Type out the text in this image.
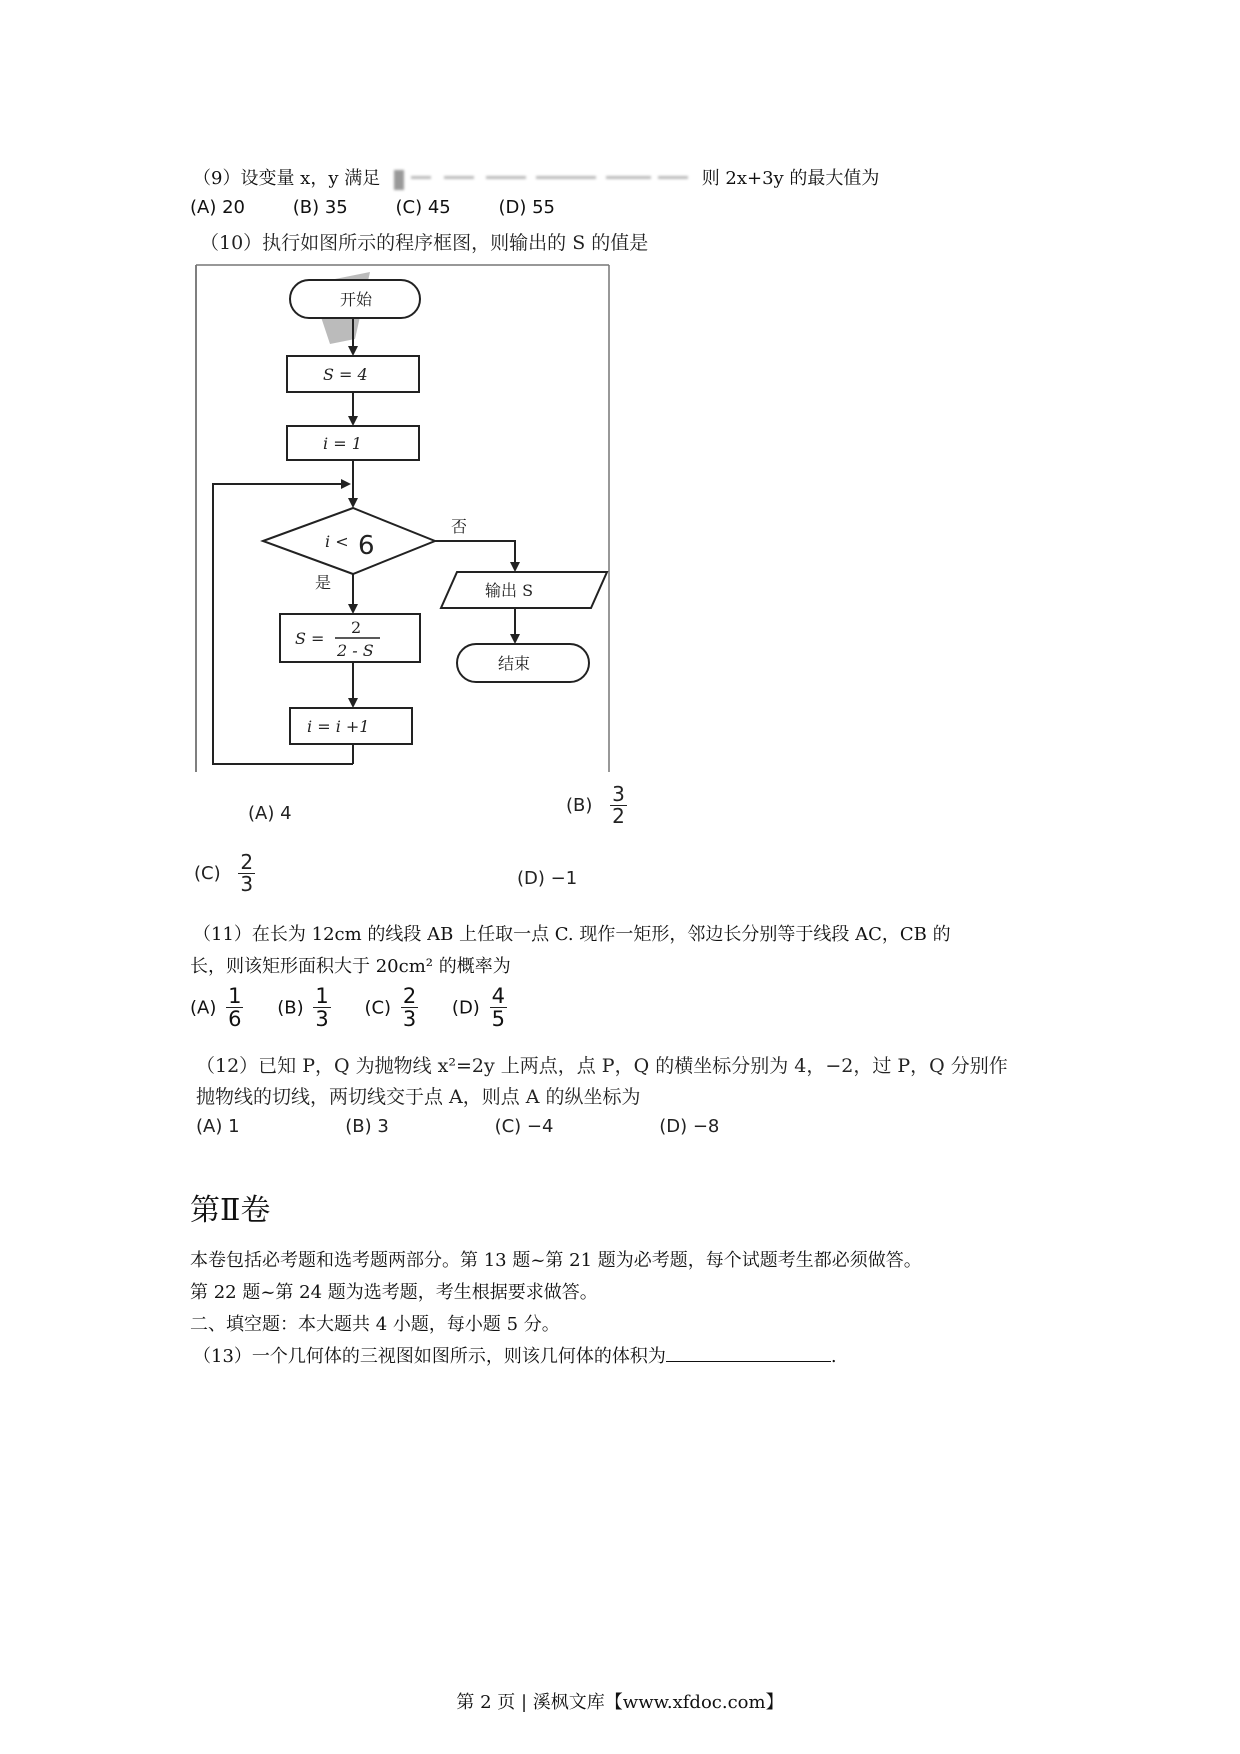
（9）设变量 x，y 满足	则 2x+3y 的最大值为
(A) 20	(B) 35	(C) 45	(D) 55
（10）执行如图所示的程序框图，则输出的 S 的值是
开始
S = 4
i = 1
i < 6
否
输出 S
结束
是
S =
2
2 - S
i = i +1
(A) 4	$(B) \frac{3}{2}$
$(C) \frac{2}{3}$	(D) −1
（11）在长为 12cm 的线段 AB 上任取一点 C. 现作一矩形，邻边长分别等于线段 AC，CB 的
长，则该矩形面积大于 20cm² 的概率为
$(A) \frac{1}{6} (B) \frac{1}{3} (C) \frac{2}{3} (D) \frac{4}{5}$
（12）已知 P，Q 为抛物线 x²=2y 上两点，点 P，Q 的横坐标分别为 4，−2，过 P，Q 分别作
抛物线的切线，两切线交于点 A，则点 A 的纵坐标为
(A) 1	(B) 3	(C) −4	(D) −8
第Ⅱ卷
本卷包括必考题和选考题两部分。第 13 题~第 21 题为必考题，每个试题考生都必须做答。
第 22 题~第 24 题为选考题，考生根据要求做答。
二、填空题：本大题共 4 小题，每小题 5 分。
（13）一个几何体的三视图如图所示，则该几何体的体积为	.
第 2 页 | 溪枫文库【www.xfdoc.com】
